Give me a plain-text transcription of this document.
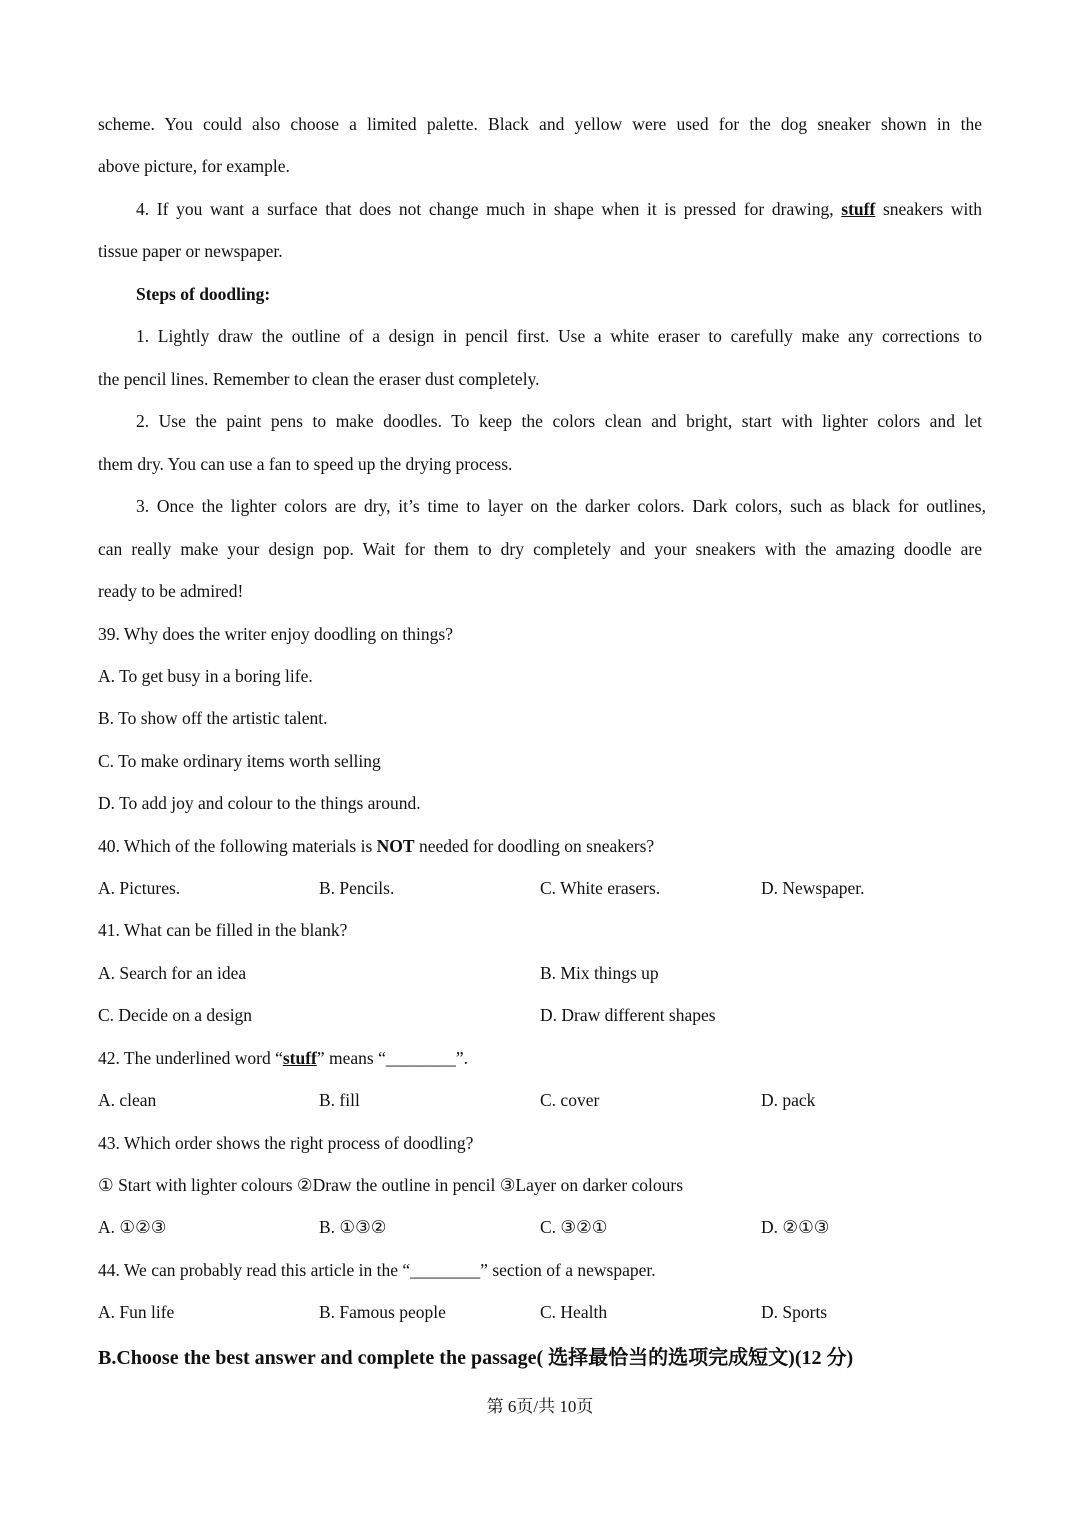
scheme. You could also choose a limited palette. Black and yellow were used for the dog sneaker shown in the
above picture, for example.
4. If you want a surface that does not change much in shape when it is pressed for drawing, stuff sneakers with
tissue paper or newspaper.
Steps of doodling:
1. Lightly draw the outline of a design in pencil first. Use a white eraser to carefully make any corrections to
the pencil lines. Remember to clean the eraser dust completely.
2. Use the paint pens to make doodles. To keep the colors clean and bright, start with lighter colors and let
them dry. You can use a fan to speed up the drying process.
3. Once the lighter colors are dry, it’s time to layer on the darker colors. Dark colors, such as black for outlines,
can really make your design pop. Wait for them to dry completely and your sneakers with the amazing doodle are
ready to be admired!
39. Why does the writer enjoy doodling on things?
A. To get busy in a boring life.
B. To show off the artistic talent.
C. To make ordinary items worth selling
D. To add joy and colour to the things around.
40. Which of the following materials is NOT needed for doodling on sneakers?
A. Pictures.	B. Pencils.	C. White erasers.	D. Newspaper.
41. What can be filled in the blank?
A. Search for an idea	B. Mix things up
C. Decide on a design	D. Draw different shapes
42. The underlined word “stuff” means “________”.
A. clean	B. fill	C. cover	D. pack
43. Which order shows the right process of doodling?
① Start with lighter colours ②Draw the outline in pencil ③Layer on darker colours
A. ①②③	B. ①③②	C. ③②①	D. ②①③
44. We can probably read this article in the “________” section of a newspaper.
A. Fun life	B. Famous people	C. Health	D. Sports
B.Choose the best answer and complete the passage( 选择最恰当的选项完成短文)(12 分)
第 6页/共 10页
